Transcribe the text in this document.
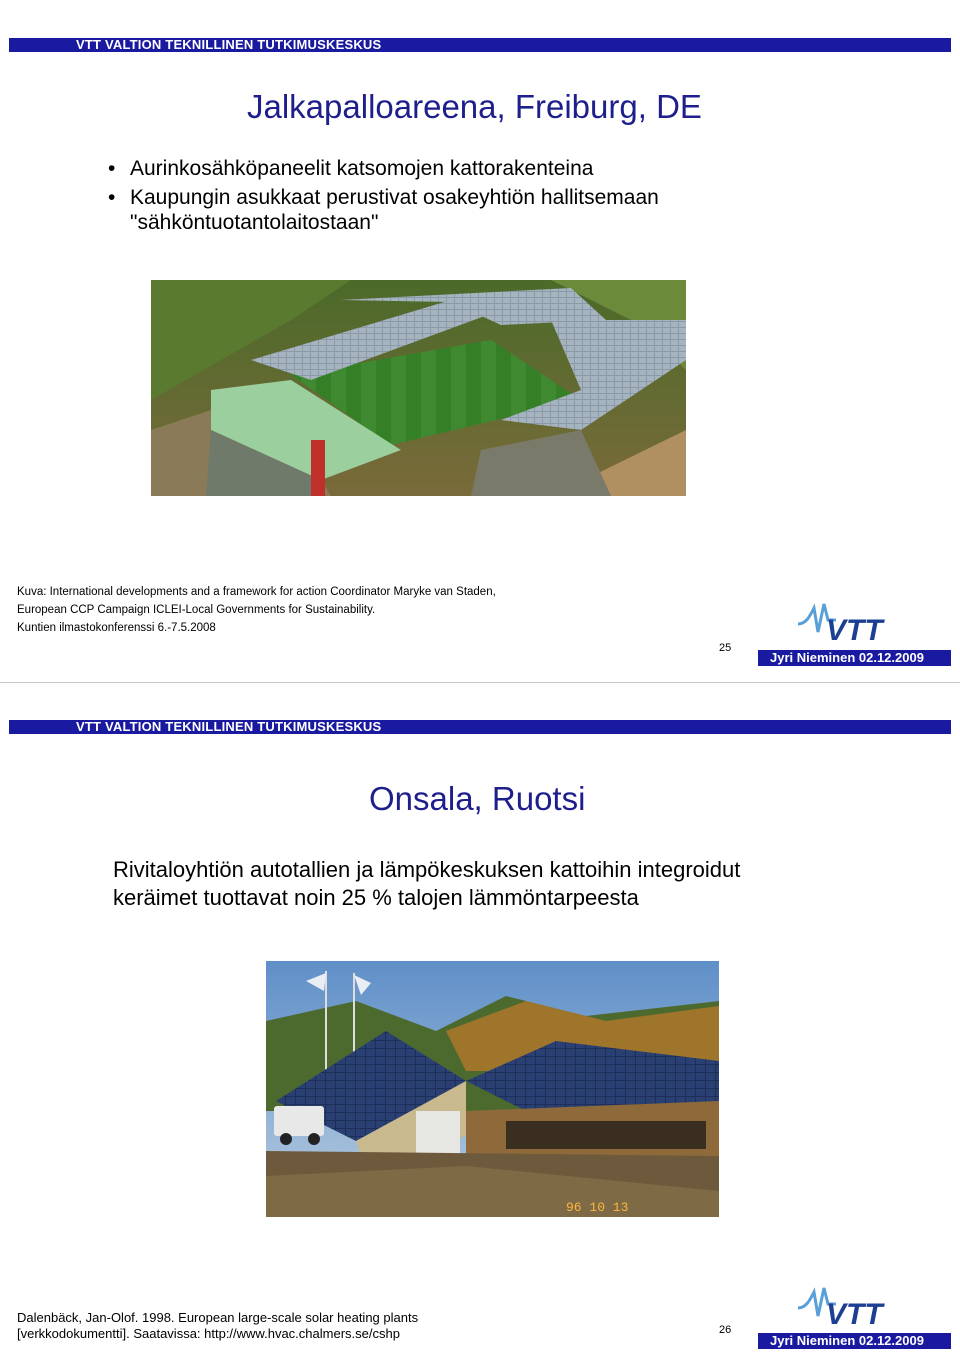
VTT VALTION TEKNILLINEN TUTKIMUSKESKUS
Jalkapalloareena, Freiburg, DE
• Aurinkosähköpaneelit katsomojen kattorakenteina
• Kaupungin asukkaat perustivat osakeyhtiön hallitsemaan "sähköntuotantolaitostaan"
Kuva: International developments and a framework for action Coordinator Maryke van Staden,
European CCP Campaign ICLEI-Local Governments for Sustainability.
Kuntien ilmastokonferenssi 6.-7.5.2008	VTT
25
Jyri Nieminen 02.12.2009
VTT VALTION TEKNILLINEN TUTKIMUSKESKUS
Onsala, Ruotsi
Rivitaloyhtiön autotallien ja lämpökeskuksen kattoihin integroidut
keräimet tuottavat noin 25 % talojen lämmöntarpeesta
96 10 13
Dalenbäck, Jan-Olof. 1998. European large-scale solar heating plants
[verkkodokumentti]. Saatavissa: http://www.hvac.chalmers.se/cshp
VTT
26
Jyri Nieminen 02.12.2009
